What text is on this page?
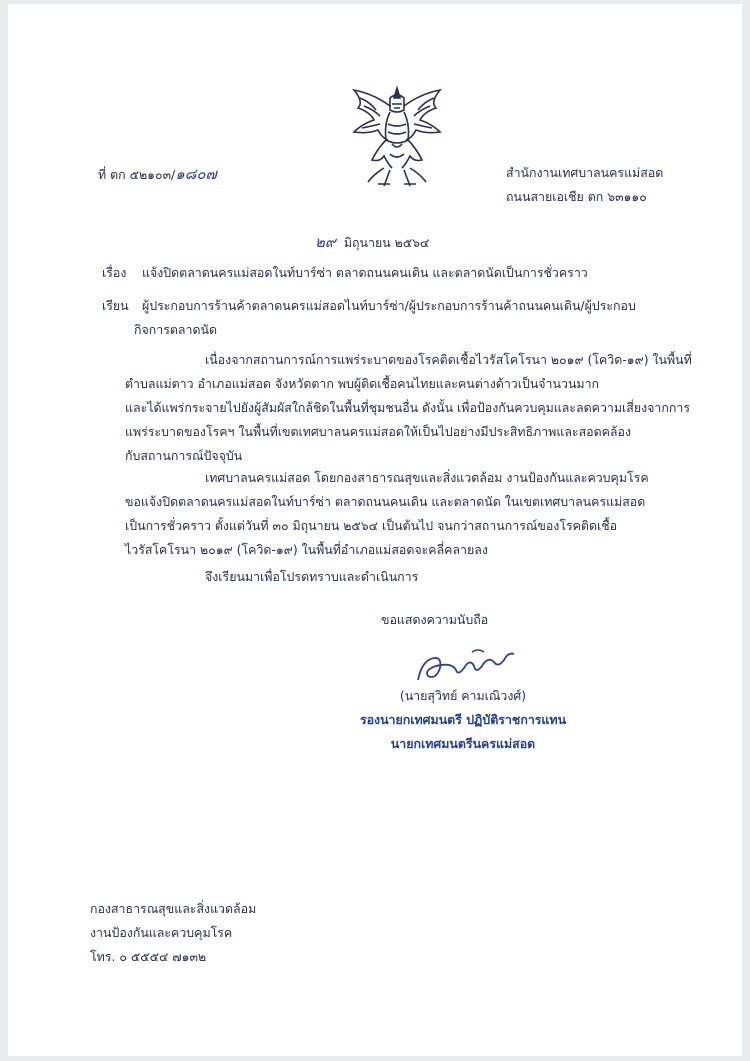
ที่ ตก ๕๒๑๐๓/๑๘๐๗	สำนักงานเทศบาลนครแม่สอด
ถนนสายเอเชีย ตก ๖๓๑๑๐
๒๙ มิถุนายน ๒๕๖๔
เรื่อง แจ้งปิดตลาดนครแม่สอดในท์บาร์ซ่า ตลาดถนนคนเดิน และตลาดนัดเป็นการชั่วคราว
เรียน ผู้ประกอบการร้านค้าตลาดนครแม่สอดไนท์บาร์ซ่า/ผู้ประกอบการร้านค้าถนนคนเดิน/ผู้ประกอบ
กิจการตลาดนัด
เนื่องจากสถานการณ์การแพร่ระบาดของโรคติดเชื้อไวรัสโคโรนา ๒๐๑๙ (โควิด-๑๙) ในพื้นที่
ตำบลแม่ตาว อำเภอแม่สอด จังหวัดตาก พบผู้ติดเชื้อคนไทยและคนต่างด้าวเป็นจำนวนมาก
และได้แพร่กระจายไปยังผู้สัมผัสใกล้ชิดในพื้นที่ชุมชนอื่น ดังนั้น เพื่อป้องกันควบคุมและลดความเสี่ยงจากการ
แพร่ระบาดของโรคฯ ในพื้นที่เขตเทศบาลนครแม่สอดให้เป็นไปอย่างมีประสิทธิภาพและสอดคล้อง
กับสถานการณ์ปัจจุบัน
เทศบาลนครแม่สอด โดยกองสาธารณสุขและสิ่งแวดล้อม งานป้องกันและควบคุมโรค
ขอแจ้งปิดตลาดนครแม่สอดในท์บาร์ซ่า ตลาดถนนคนเดิน และตลาดนัด ในเขตเทศบาลนครแม่สอด
เป็นการชั่วคราว ตั้งแต่วันที่ ๓๐ มิถุนายน ๒๕๖๔ เป็นต้นไป จนกว่าสถานการณ์ของโรคติดเชื้อ
ไวรัสโคโรนา ๒๐๑๙ (โควิด-๑๙) ในพื้นที่อำเภอแม่สอดจะคลี่คลายลง
จึงเรียนมาเพื่อโปรดทราบและดำเนินการ
ขอแสดงความนับถือ
(นายสุวิทย์ คามเณิวงศ์)
รองนายกเทศมนตรี ปฏิบัติราชการแทน
นายกเทศมนตรีนครแม่สอด
กองสาธารณสุขและสิ่งแวดล้อม
งานป้องกันและควบคุมโรค
โทร. ๐ ๕๕๕๔ ๗๑๓๒
